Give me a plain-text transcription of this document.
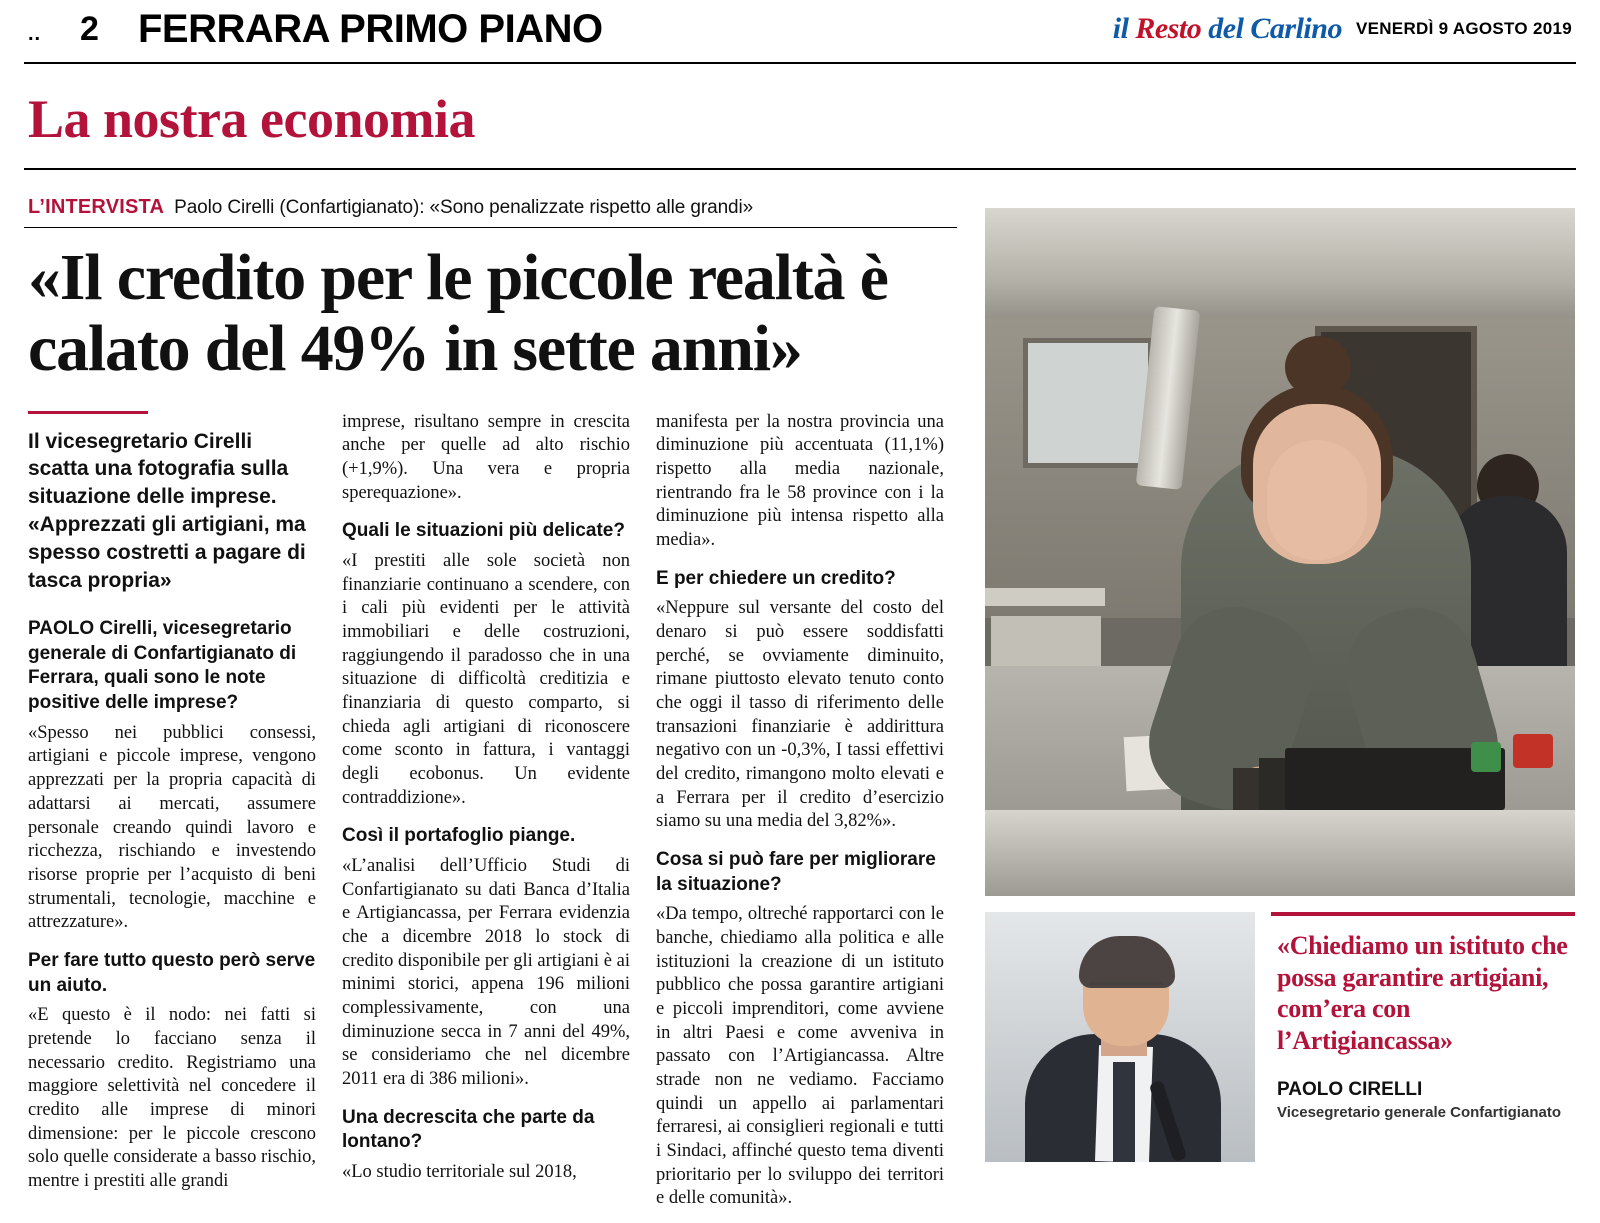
..	2 FERRARA PRIMO PIANO	il Resto del Carlino VENERDÌ 9 AGOSTO 2019
La nostra economia
L’INTERVISTA Paolo Cirelli (Confartigianato): «Sono penalizzate rispetto alle grandi»
«Il credito per le piccole realtà è calato del 49% in sette anni»
Il vicesegretario Cirelli scatta una fotografia sulla situazione delle imprese. «Apprezzati gli artigiani, ma spesso costretti a pagare di tasca propria»
PAOLO Cirelli, vicesegretario generale di Confartigianato di Ferrara, quali sono le note positive delle imprese?

«Spesso nei pubblici consessi, artigiani e piccole imprese, vengono apprezzati per la propria capacità di adattarsi ai mercati, assumere personale creando quindi lavoro e ricchezza, rischiando e investendo risorse proprie per l’acquisto di beni strumentali, tecnologie, macchine e attrezzature».

Per fare tutto questo però serve un aiuto.

«E questo è il nodo: nei fatti si pretende lo facciano senza il necessario credito. Registriamo una maggiore selettività nel concedere il credito alle imprese di minori dimensione: per le piccole crescono solo quelle considerate a basso rischio, mentre i prestiti alle grandi

imprese, risultano sempre in crescita anche per quelle ad alto rischio (+1,9%). Una vera e propria sperequazione».

Quali le situazioni più delicate?

«I prestiti alle sole società non finanziarie continuano a scendere, con i cali più evidenti per le attività immobiliari e delle costruzioni, raggiungendo il paradosso che in una situazione di difficoltà creditizia e finanziaria di questo comparto, si chieda agli artigiani di riconoscere come sconto in fattura, i vantaggi degli ecobonus. Un evidente contraddizione».

Così il portafoglio piange.

«L’analisi dell’Ufficio Studi di Confartigianato su dati Banca d’Italia e Artigiancassa, per Ferrara evidenzia che a dicembre 2018 lo stock di credito disponibile per gli artigiani è ai minimi storici, appena 196 milioni complessivamente, con una diminuzione secca in 7 anni del 49%, se consideriamo che nel dicembre 2011 era di 386 milioni».

Una decrescita che parte da lontano?

«Lo studio territoriale sul 2018,

manifesta per la nostra provincia una diminuzione più accentuata (11,1%) rispetto alla media nazionale, rientrando fra le 58 province con i la diminuzione più intensa rispetto alla media».

E per chiedere un credito?

«Neppure sul versante del costo del denaro si può essere soddisfatti perché, se ovviamente diminuito, rimane piuttosto elevato tenuto conto che oggi il tasso di riferimento delle transazioni finanziarie è addirittura negativo con un -0,3%, I tassi effettivi del credito, rimangono molto elevati e a Ferrara per il credito d’esercizio siamo su una media del 3,82%».

Cosa si può fare per migliorare la situazione?

«Da tempo, oltreché rapportarci con le banche, chiediamo alla politica e alle istituzioni la creazione di un istituto pubblico che possa garantire artigiani e piccoli imprenditori, come avviene in altri Paesi e come avveniva in passato con l’Artigiancassa. Altre strade non ne vediamo. Facciamo quindi un appello ai parlamentari ferraresi, ai consiglieri regionali e tutti i Sindaci, affinché questo tema diventi prioritario per lo sviluppo dei territori e delle comunità».

«Chiediamo un istituto che possa garantire artigiani, com’era con l’Artigiancassa»
PAOLO CIRELLI
Vicesegretario generale Confartigianato
